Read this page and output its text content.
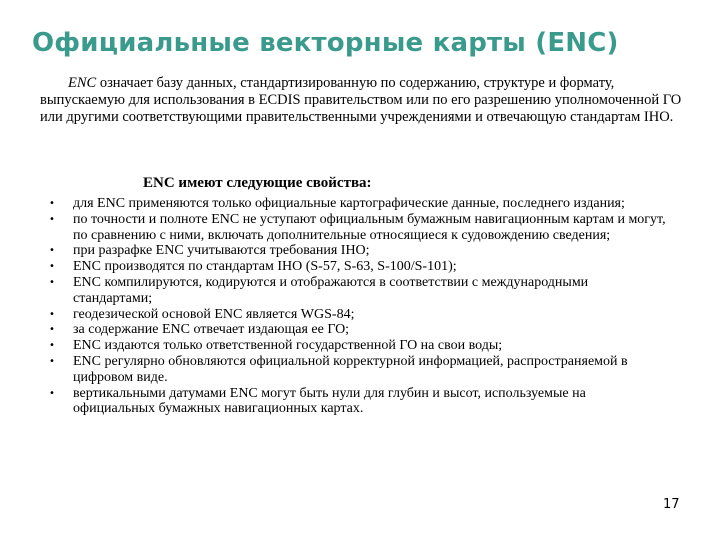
Официальные векторные карты (ENC)
ENC означает базу данных, стандартизированную по содержанию, структуре и формату, выпускаемую для использования в ECDIS правительством или по его разрешению уполномоченной ГО или другими соответствующими правительственными учреждениями и отвечающую стандартам IHO.
ENC имеют следующие свойства:
• для ENC применяются только официальные картографические данные, последнего издания;
• по точности и полноте ENC не уступают официальным бумажным навигационным картам и могут, по сравнению с ними, включать дополнительные относящиеся к судовождению сведения;
• при разрафке ENC учитываются требования IHO;
• ENC производятся по стандартам IHO (S-57, S-63, S-100/S-101);
• ENC компилируются, кодируются и отображаются в соответствии с международными стандартами;
• геодезической основой ENC является WGS-84;
• за содержание ENC отвечает издающая ее ГО;
• ENC издаются только ответственной государственной ГО на свои воды;
• ENC регулярно обновляются официальной корректурной информацией, распространяемой в цифровом виде.
• вертикальными датумами ENC могут быть нули для глубин и высот, используемые на официальных бумажных навигационных картах.
17
